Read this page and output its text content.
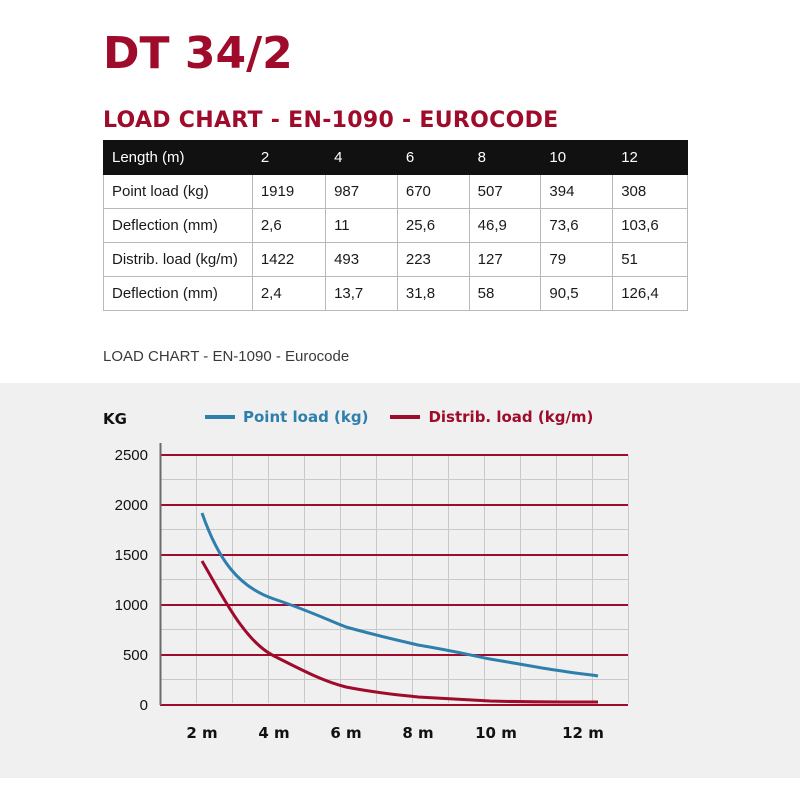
DT 34/2
LOAD CHART - EN-1090 - EUROCODE
Length (m)	2	4	6	8	10	12
Point load (kg)	1919	987	670	507	394	308
Deflection (mm)	2,6	11	25,6	46,9	73,6	103,6
Distrib. load (kg/m)	1422	493	223	127	79	51
Deflection (mm)	2,4	13,7	31,8	58	90,5	126,4
LOAD CHART - EN-1090 - Eurocode
2500
2000
1500
1000
500
0
2 m	4 m	6 m	8 m	10 m	12 m
KG	Point load (kg)	Distrib. load (kg/m)
